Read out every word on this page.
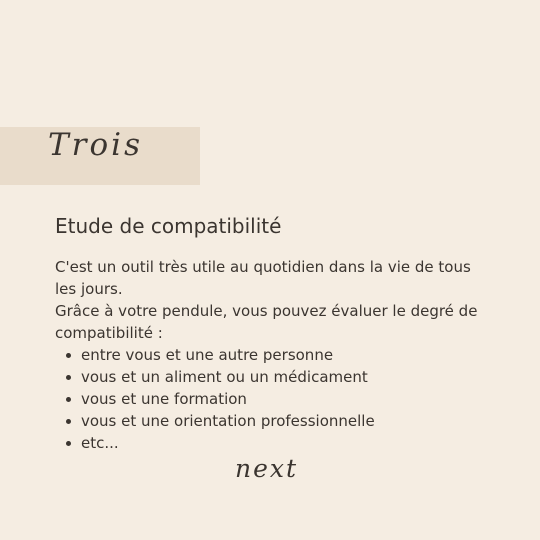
Trois
Etude de compatibilité

C'est un outil très utile au quotidien dans la vie de tous les jours.

Grâce à votre pendule, vous pouvez évaluer le degré de compatibilité :

entre vous et une autre personne
vous et un aliment ou un médicament
vous et une formation
vous et une orientation professionnelle
etc...
next
